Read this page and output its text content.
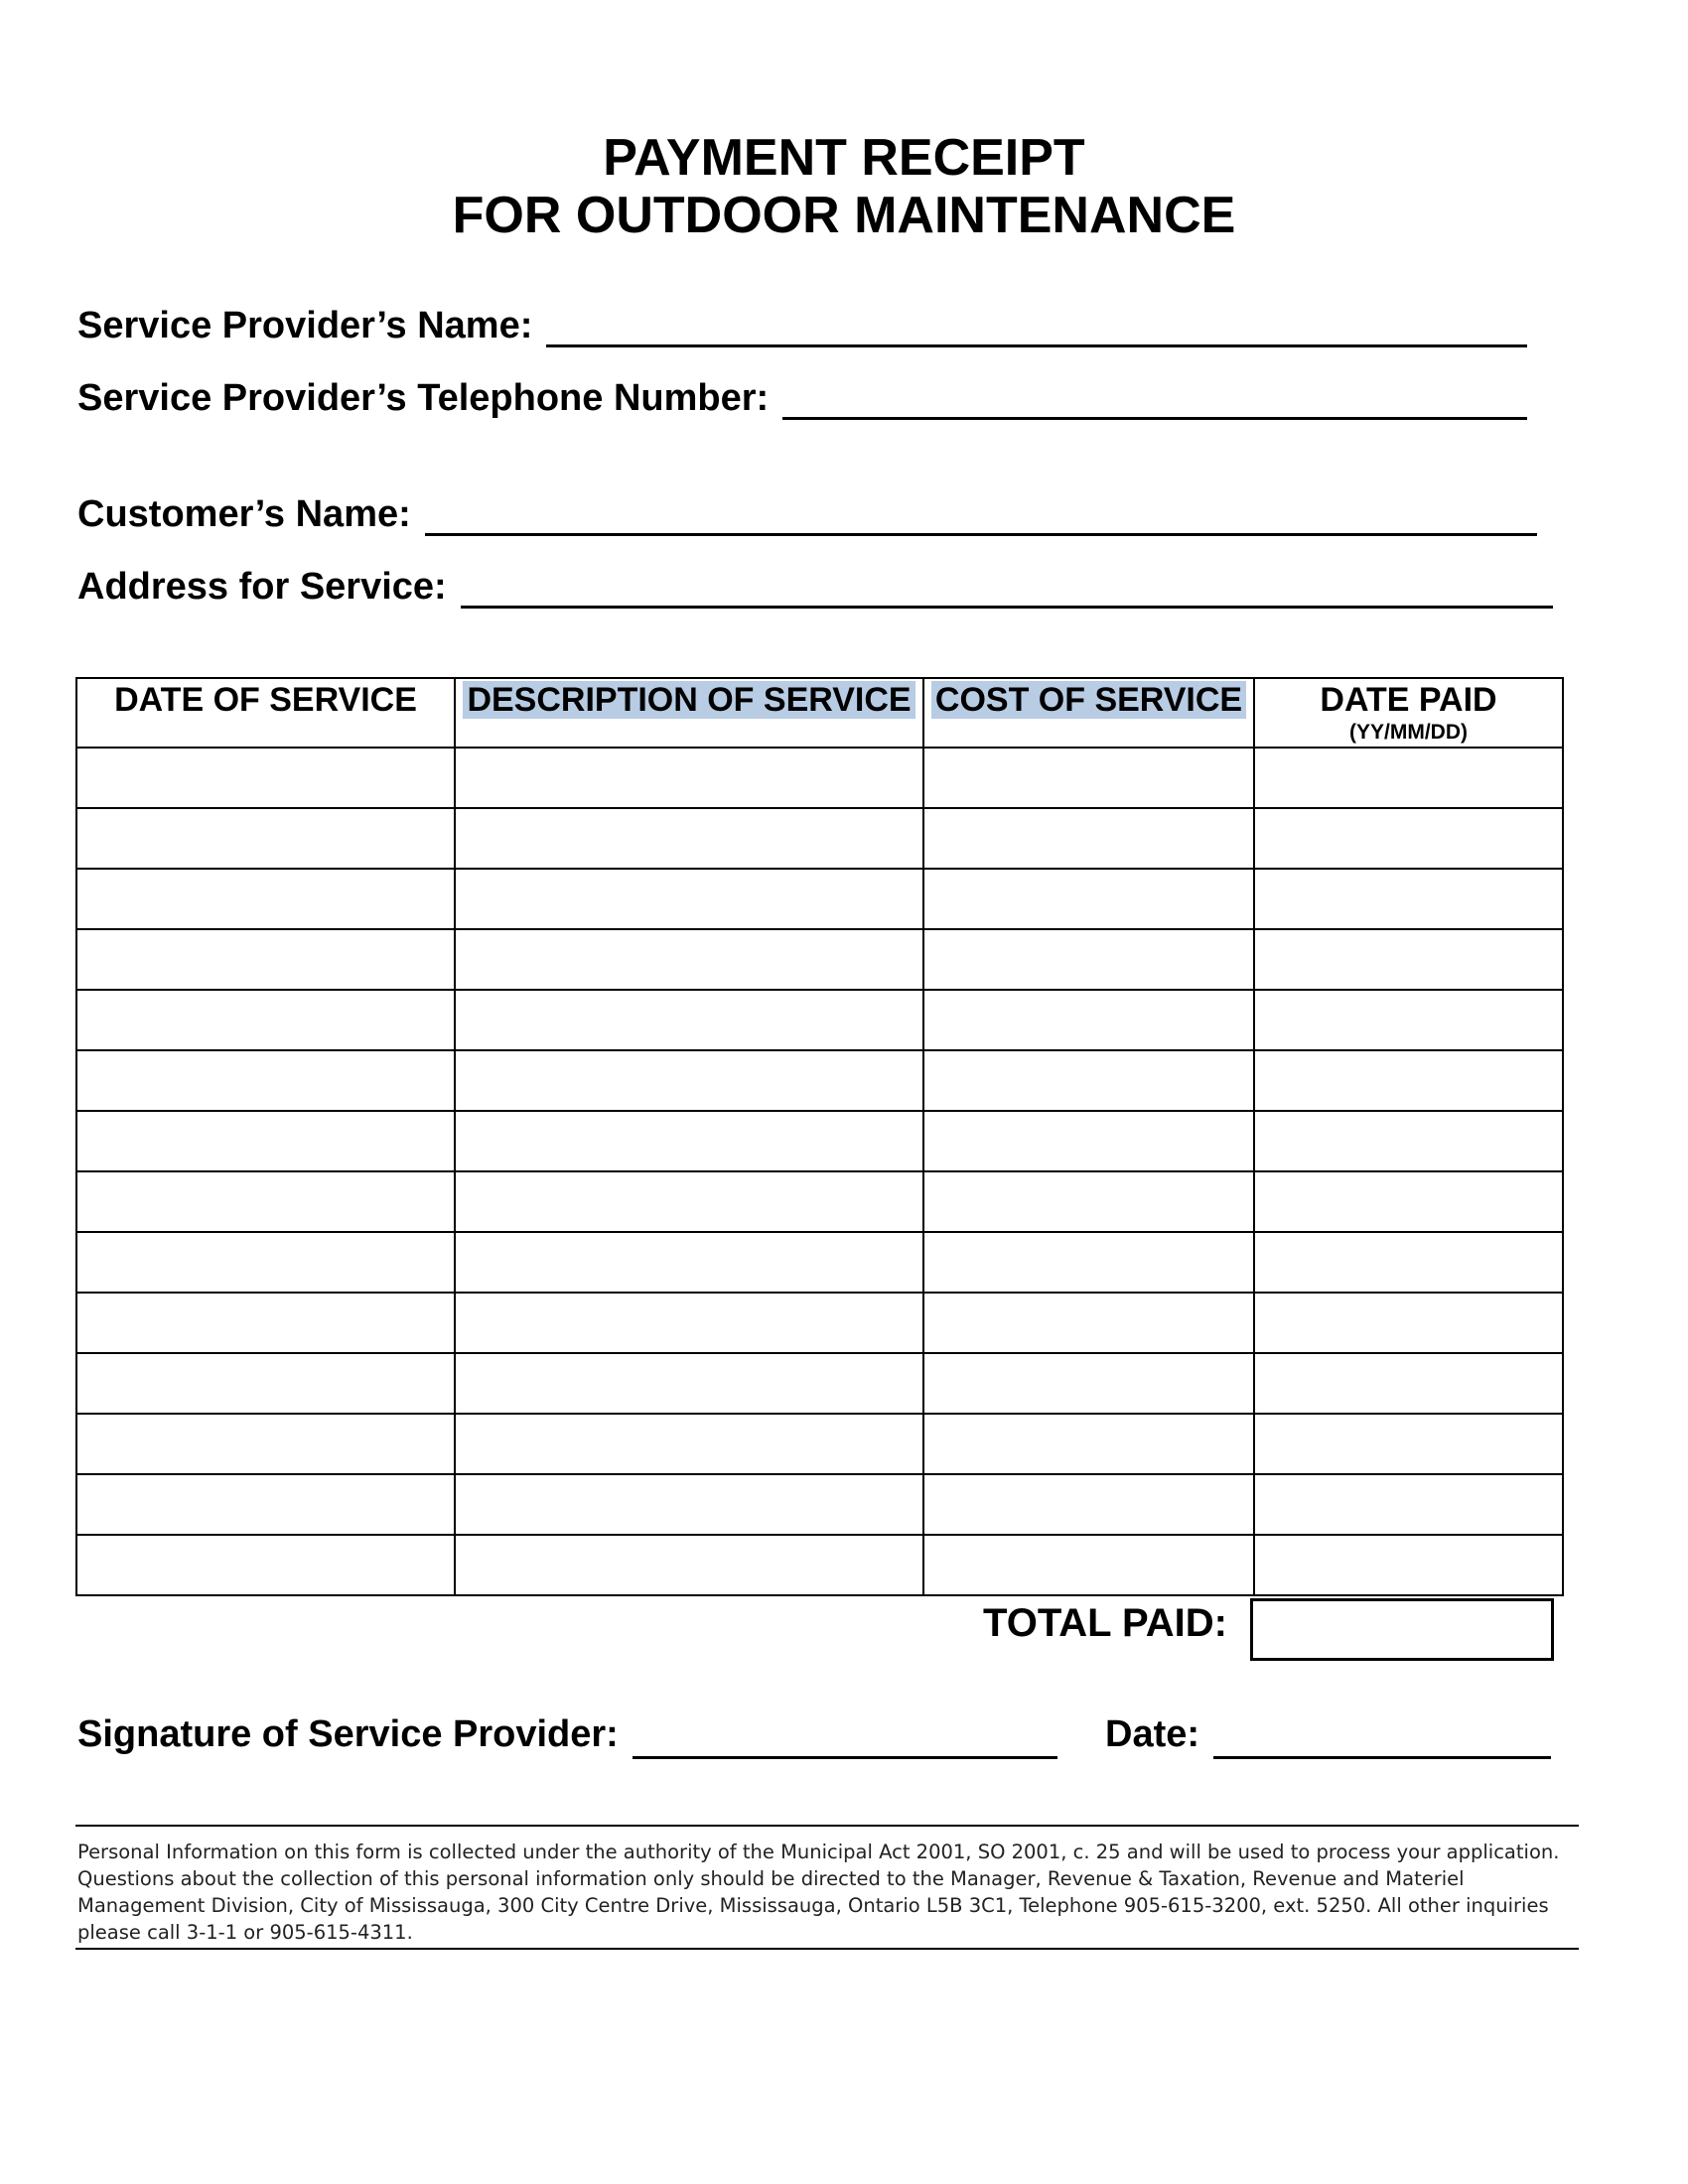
PAYMENT RECEIPT
FOR OUTDOOR MAINTENANCE
Service Provider’s Name:
Service Provider’s Telephone Number:
Customer’s Name:
Address for Service:
DATE OF SERVICE	DESCRIPTION OF SERVICE	COST OF SERVICE	DATE PAID
(YY/MM/DD)

TOTAL PAID:
Signature of Service Provider:	Date:
Personal Information on this form is collected under the authority of the Municipal Act 2001, SO 2001, c. 25 and will be used to process your application. Questions about the collection of this personal information only should be directed to the Manager, Revenue & Taxation, Revenue and Materiel Management Division, City of Mississauga, 300 City Centre Drive, Mississauga, Ontario L5B 3C1, Telephone 905-615-3200, ext. 5250. All other inquiries please call 3-1-1 or 905-615-4311.
